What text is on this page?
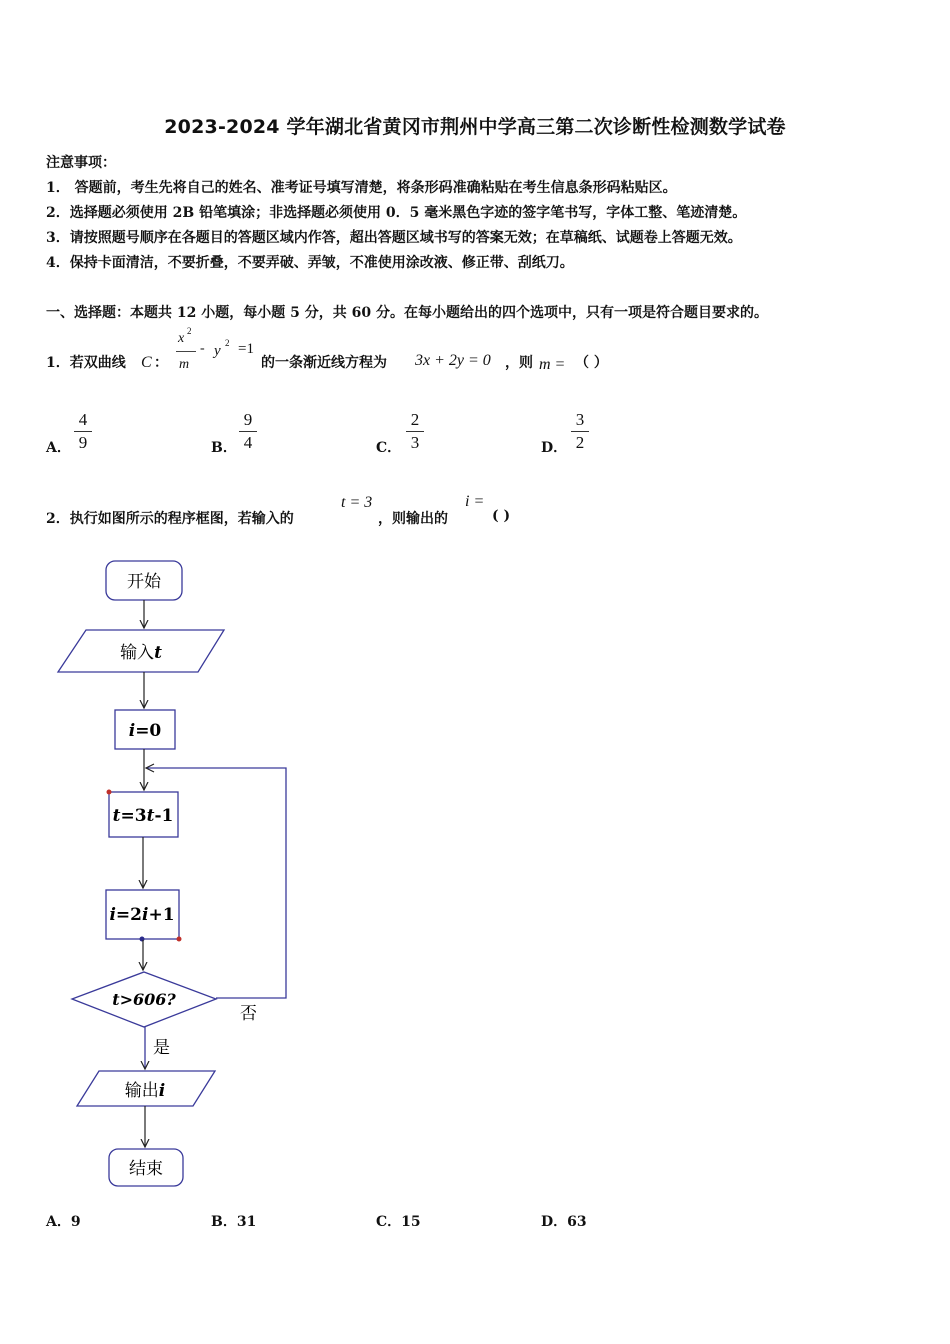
2023-2024 学年湖北省黄冈市荆州中学高三第二次诊断性检测数学试卷
注意事项：
1． 答题前，考生先将自己的姓名、准考证号填写清楚，将条形码准确粘贴在考生信息条形码粘贴区。
2．选择题必须使用 2B 铅笔填涂；非选择题必须使用 0．5 毫米黑色字迹的签字笔书写，字体工整、笔迹清楚。
3．请按照题号顺序在各题目的答题区域内作答，超出答题区域书写的答案无效；在草稿纸、试题卷上答题无效。
4．保持卡面清洁，不要折叠，不要弄破、弄皱，不准使用涂改液、修正带、刮纸刀。
一、选择题：本题共 12 小题，每小题 5 分，共 60 分。在每小题给出的四个选项中，只有一项是符合题目要求的。
1．若双曲线 C ：
x 2
m
- y 2 =1
的一条渐近线方程为 3x + 2y = 0 ，则 m = （ ）
A．
4
9	B．
9
4	C．
2
3	D．
3
2
2．执行如图所示的程序框图，若输入的
t = 3
，则输出的
i =
( )
开始
输入t
i=0
t=3t-1
i=2i+1
t>606?
否
是
输出i
结束
A．9	B．31	C．15	D．63
